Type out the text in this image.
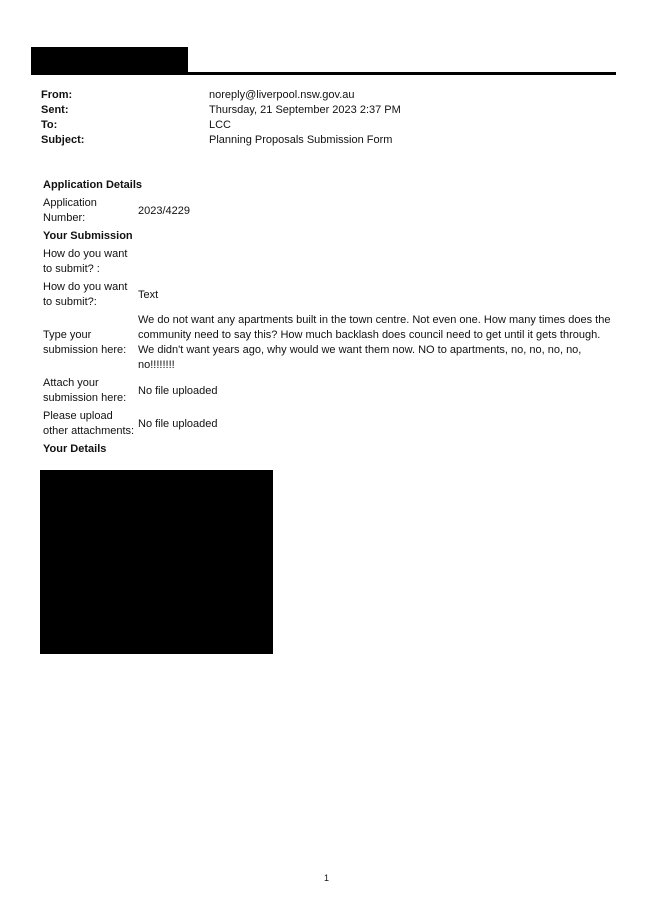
From:	noreply@liverpool.nsw.gov.au
Sent:	Thursday, 21 September 2023 2:37 PM
To:	LCC
Subject:	Planning Proposals Submission Form
Application Details
Application Number:
2023/4229
Your Submission
How do you want to submit? :
How do you want to submit?:
Text
Type your submission here:
We do not want any apartments built in the town centre. Not even one. How many times does the community need to say this? How much backlash does council need to get until it gets through. We didn't want years ago, why would we want them now. NO to apartments, no, no, no, no, no!!!!!!!!
Attach your submission here:
No file uploaded
Please upload other attachments:
No file uploaded
Your Details
1
